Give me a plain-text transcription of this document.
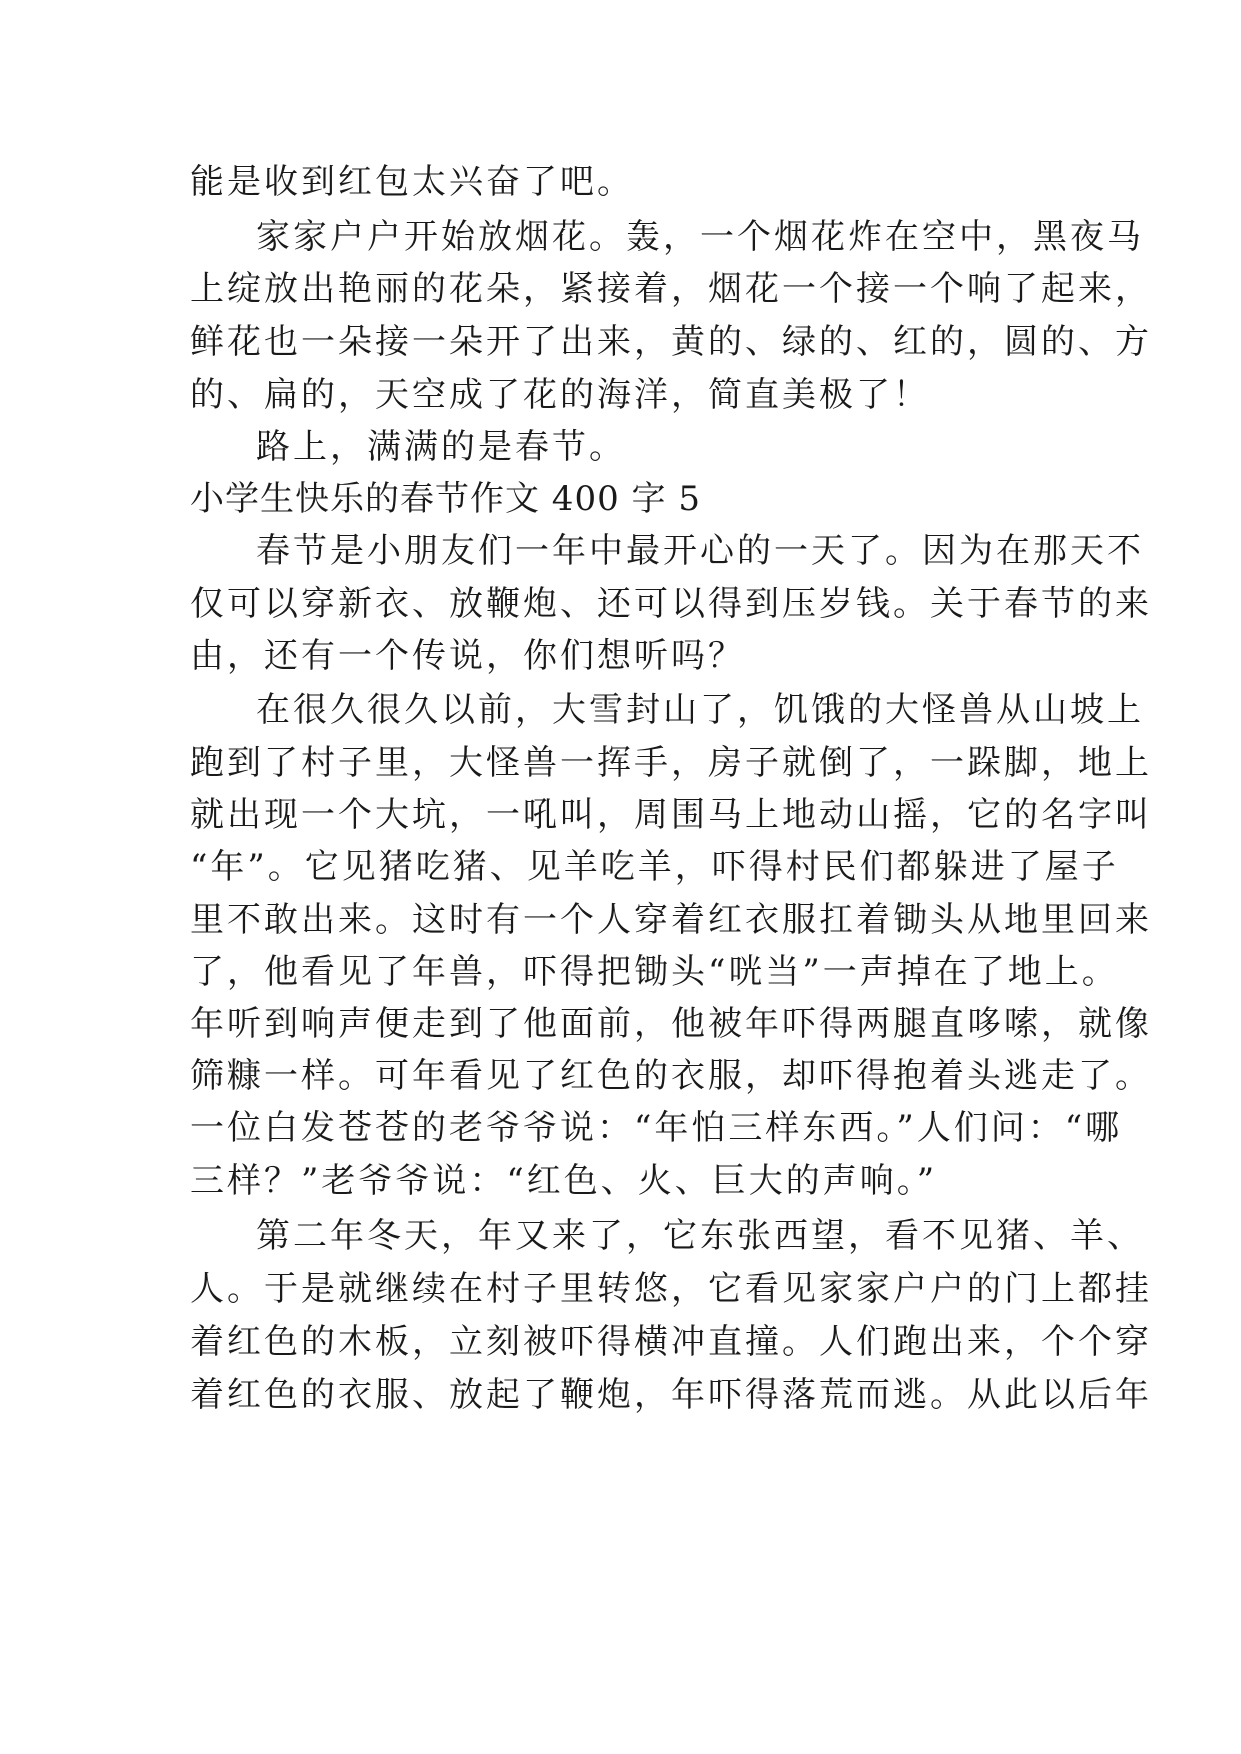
能是收到红包太兴奋了吧。
家家户户开始放烟花。轰，一个烟花炸在空中，黑夜马
上绽放出艳丽的花朵，紧接着，烟花一个接一个响了起来，
鲜花也一朵接一朵开了出来，黄的、绿的、红的，圆的、方
的、扁的，天空成了花的海洋，简直美极了！
路上，满满的是春节。
小学生快乐的春节作文 400 字 5
春节是小朋友们一年中最开心的一天了。因为在那天不
仅可以穿新衣、放鞭炮、还可以得到压岁钱。关于春节的来
由，还有一个传说，你们想听吗？
在很久很久以前，大雪封山了，饥饿的大怪兽从山坡上
跑到了村子里，大怪兽一挥手，房子就倒了，一跺脚，地上
就出现一个大坑，一吼叫，周围马上地动山摇，它的名字叫
“年”。它见猪吃猪、见羊吃羊，吓得村民们都躲进了屋子
里不敢出来。这时有一个人穿着红衣服扛着锄头从地里回来
了，他看见了年兽，吓得把锄头“咣当”一声掉在了地上。
年听到响声便走到了他面前，他被年吓得两腿直哆嗦，就像
筛糠一样。可年看见了红色的衣服，却吓得抱着头逃走了。
一位白发苍苍的老爷爷说：“年怕三样东西。”人们问：“哪
三样？”老爷爷说：“红色、火、巨大的声响。”
第二年冬天，年又来了，它东张西望，看不见猪、羊、
人。于是就继续在村子里转悠，它看见家家户户的门上都挂
着红色的木板，立刻被吓得横冲直撞。人们跑出来，个个穿
着红色的衣服、放起了鞭炮，年吓得落荒而逃。从此以后年
